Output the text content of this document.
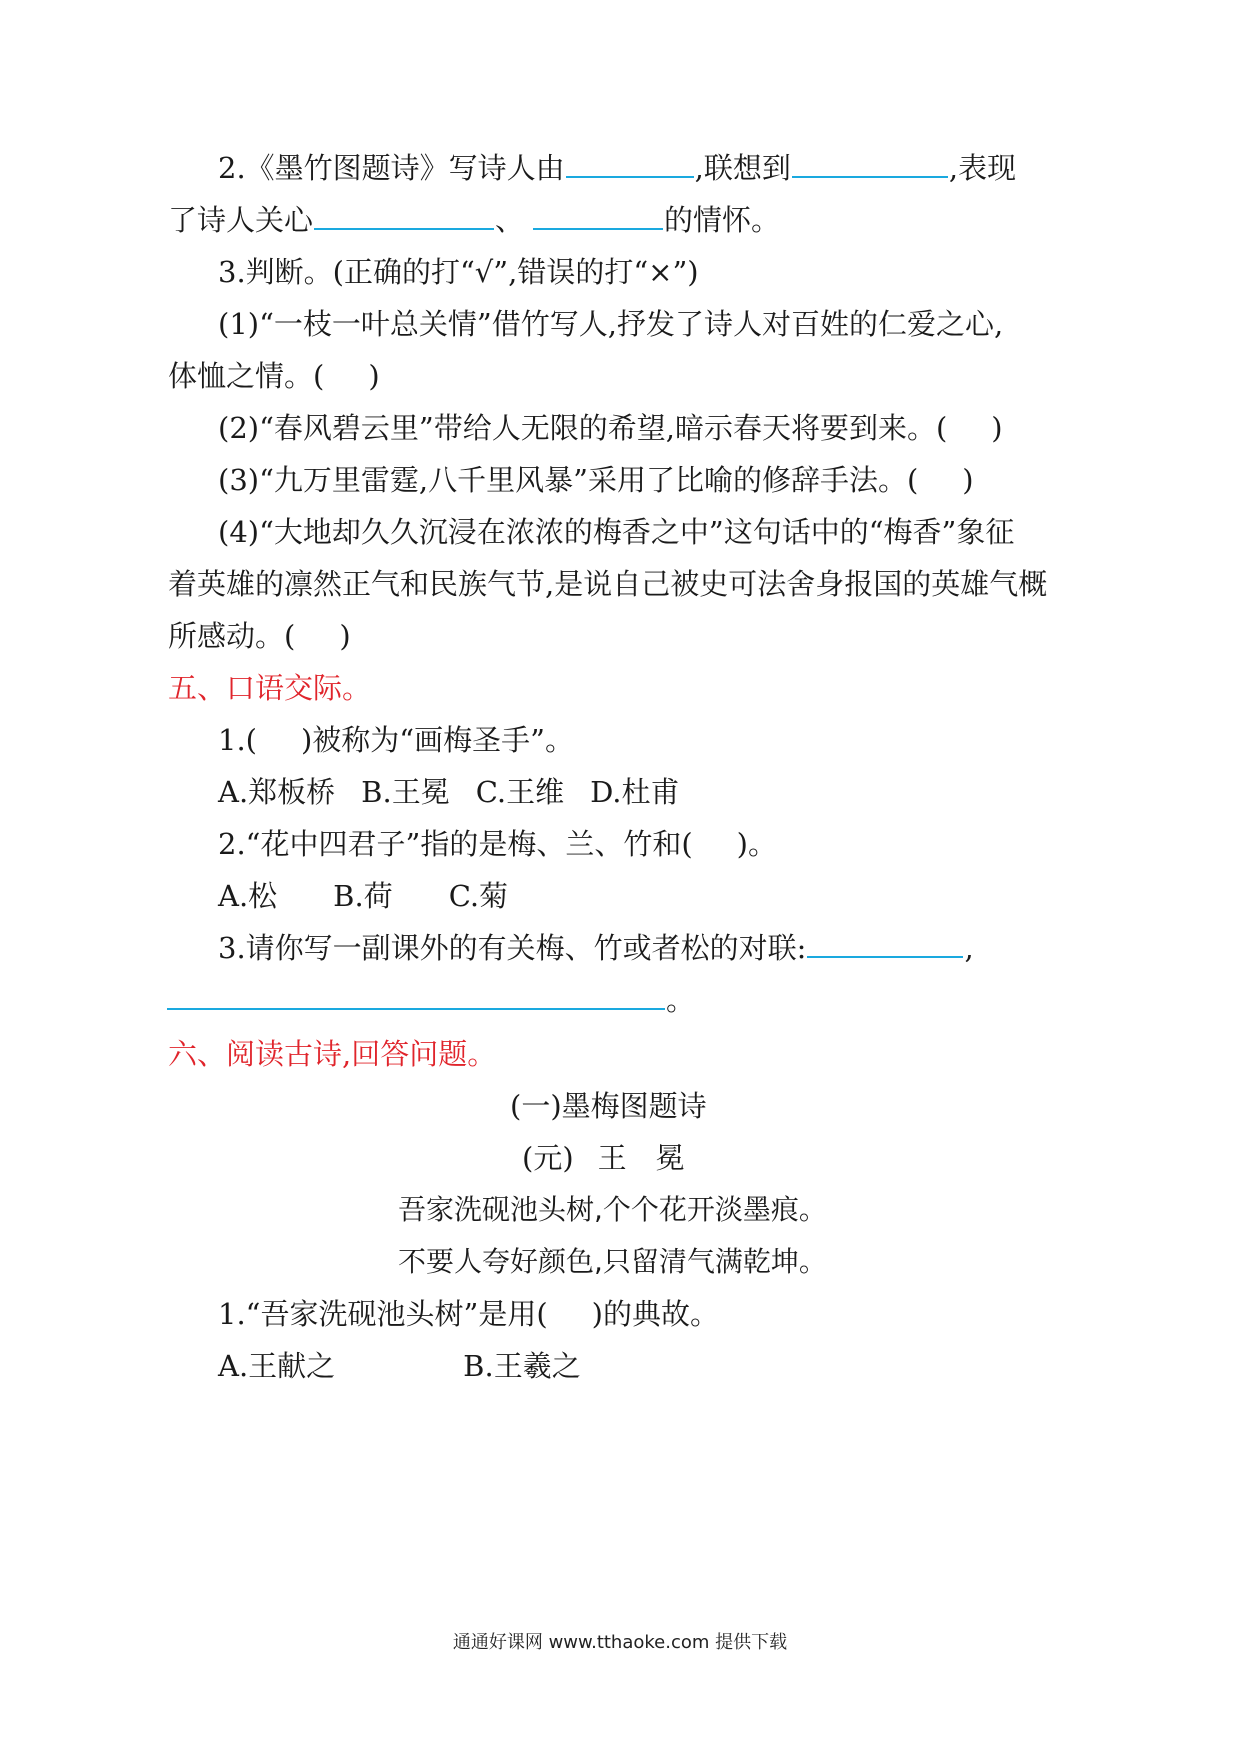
2.《墨竹图题诗》写诗人由	,联想到	,表现
了诗人关心	、	的情怀。
3.判断。(正确的打“√”,错误的打“×”)
(1)“一枝一叶总关情”借竹写人,抒发了诗人对百姓的仁爱之心,
体恤之情。( )
(2)“春风碧云里”带给人无限的希望,暗示春天将要到来。( )
(3)“九万里雷霆,八千里风暴”采用了比喻的修辞手法。( )
(4)“大地却久久沉浸在浓浓的梅香之中”这句话中的“梅香”象征
着英雄的凛然正气和民族气节,是说自己被史可法舍身报国的英雄气概
所感动。( )
五、口语交际。
1.( )被称为“画梅圣手”。
A.郑板桥 B.王冕 C.王维 D.杜甫
2.“花中四君子”指的是梅、兰、竹和( )。
A.松 B.荷 C.菊
3.请你写一副课外的有关梅、竹或者松的对联:	,
。
六、阅读古诗,回答问题。
(一)墨梅图题诗
(元) 王　冕
吾家洗砚池头树,个个花开淡墨痕。
不要人夸好颜色,只留清气满乾坤。
1.“吾家洗砚池头树”是用( )的典故。
A.王献之	B.王羲之
通通好课网 www.tthaoke.com 提供下载
